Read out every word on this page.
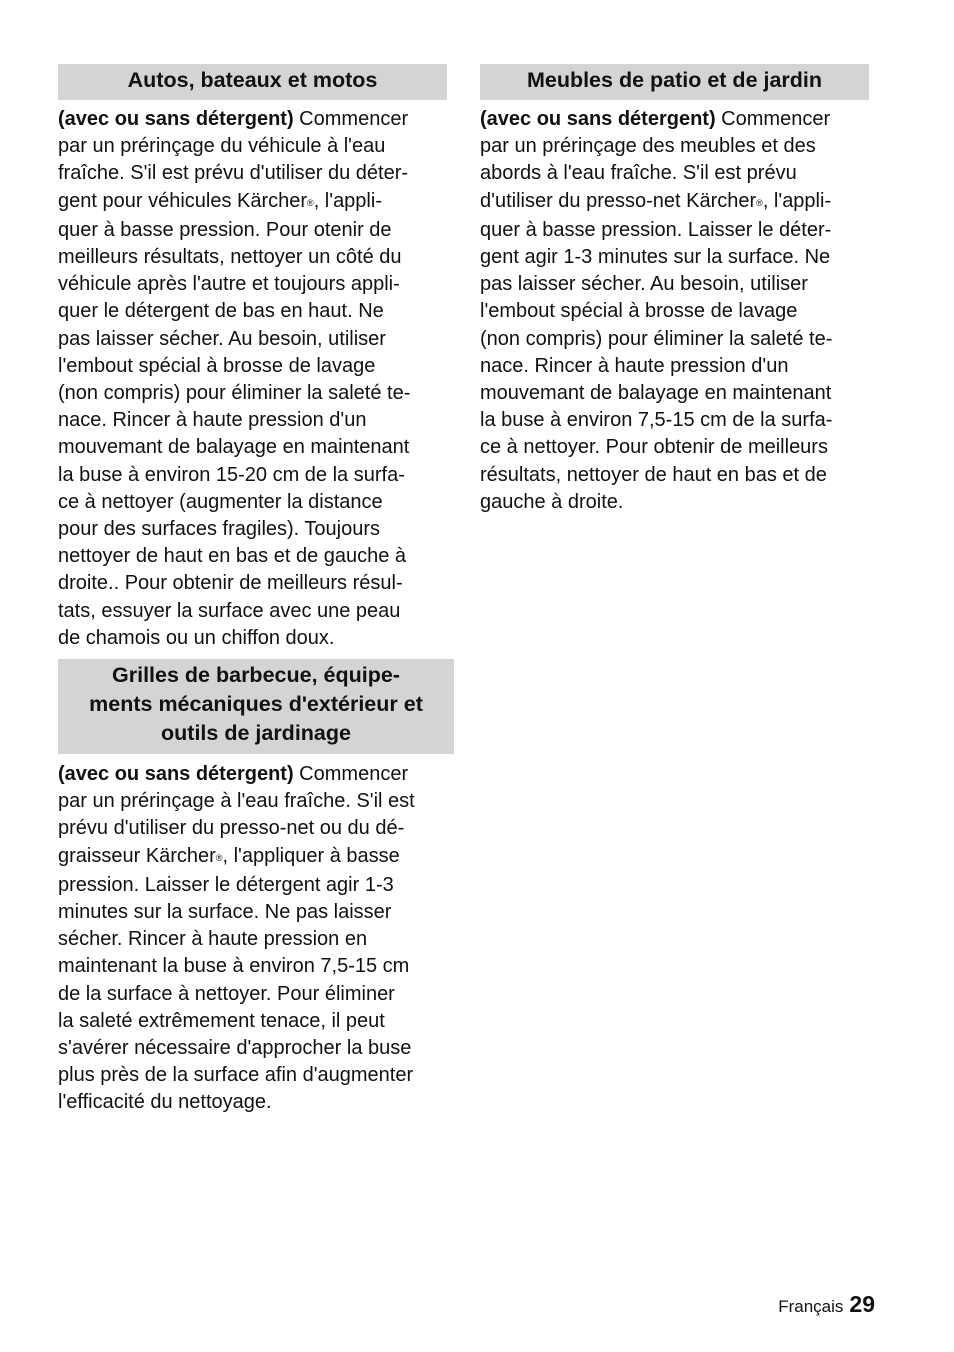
Autos, bateaux et motos
(avec ou sans détergent) Commencer
par un prérinçage du véhicule à l'eau
fraîche. S'il est prévu d'utiliser du déter-
gent pour véhicules Kärcher®, l'appli-
quer à basse pression. Pour otenir de
meilleurs résultats, nettoyer un côté du
véhicule après l'autre et toujours appli-
quer le détergent de bas en haut. Ne
pas laisser sécher. Au besoin, utiliser
l'embout spécial à brosse de lavage
(non compris) pour éliminer la saleté te-
nace. Rincer à haute pression d'un
mouvemant de balayage en maintenant
la buse à environ 15-20 cm de la surfa-
ce à nettoyer (augmenter la distance
pour des surfaces fragiles). Toujours
nettoyer de haut en bas et de gauche à
droite.. Pour obtenir de meilleurs résul-
tats, essuyer la surface avec une peau
de chamois ou un chiffon doux.
Grilles de barbecue, équipe-
ments mécaniques d'extérieur et
outils de jardinage
(avec ou sans détergent) Commencer
par un prérinçage à l'eau fraîche. S'il est
prévu d'utiliser du presso-net ou du dé-
graisseur Kärcher®, l'appliquer à basse
pression. Laisser le détergent agir 1-3
minutes sur la surface. Ne pas laisser
sécher. Rincer à haute pression en
maintenant la buse à environ 7,5-15 cm
de la surface à nettoyer. Pour éliminer
la saleté extrêmement tenace, il peut
s'avérer nécessaire d'approcher la buse
plus près de la surface afin d'augmenter
l'efficacité du nettoyage.
Meubles de patio et de jardin
(avec ou sans détergent) Commencer
par un prérinçage des meubles et des
abords à l'eau fraîche. S'il est prévu
d'utiliser du presso-net Kärcher®, l'appli-
quer à basse pression. Laisser le déter-
gent agir 1-3 minutes sur la surface. Ne
pas laisser sécher. Au besoin, utiliser
l'embout spécial à brosse de lavage
(non compris) pour éliminer la saleté te-
nace. Rincer à haute pression d'un
mouvemant de balayage en maintenant
la buse à environ 7,5-15 cm de la surfa-
ce à nettoyer. Pour obtenir de meilleurs
résultats, nettoyer de haut en bas et de
gauche à droite.
Français 29
